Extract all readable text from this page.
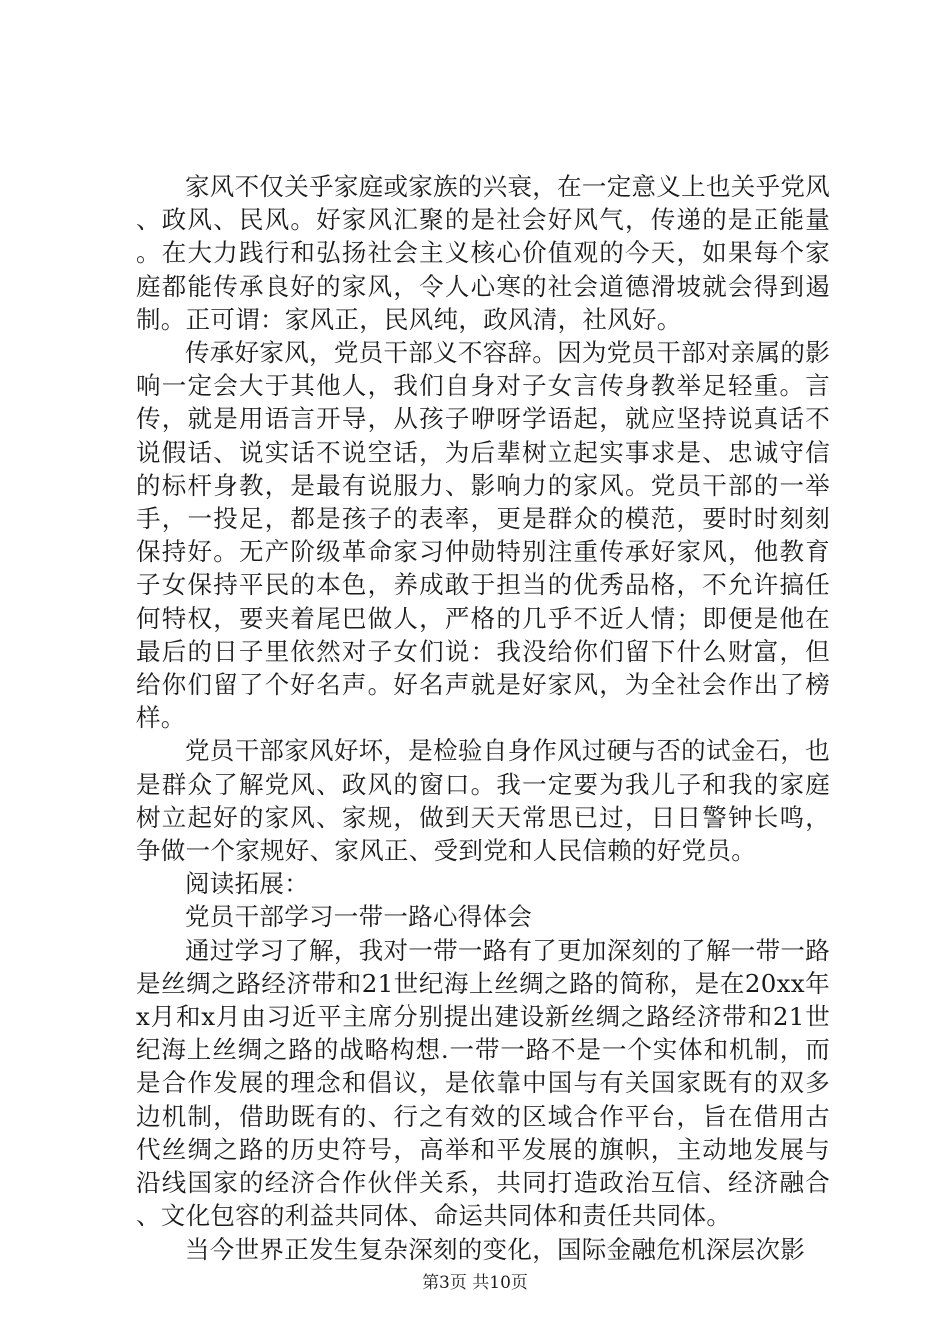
家风不仅关乎家庭或家族的兴衰，在一定意义上也关乎党风、政风、民风。好家风汇聚的是社会好风气，传递的是正能量。在大力践行和弘扬社会主义核心价值观的今天，如果每个家庭都能传承良好的家风，令人心寒的社会道德滑坡就会得到遏制。正可谓：家风正，民风纯，政风清，社风好。

传承好家风，党员干部义不容辞。因为党员干部对亲属的影响一定会大于其他人，我们自身对子女言传身教举足轻重。言传，就是用语言开导，从孩子咿呀学语起，就应坚持说真话不说假话、说实话不说空话，为后辈树立起实事求是、忠诚守信的标杆身教，是最有说服力、影响力的家风。党员干部的一举手，一投足，都是孩子的表率，更是群众的模范，要时时刻刻保持好。无产阶级革命家习仲勋特别注重传承好家风，他教育子女保持平民的本色，养成敢于担当的优秀品格，不允许搞任何特权，要夹着尾巴做人，严格的几乎不近人情；即便是他在最后的日子里依然对子女们说：我没给你们留下什么财富，但给你们留了个好名声。好名声就是好家风，为全社会作出了榜样。

党员干部家风好坏，是检验自身作风过硬与否的试金石，也是群众了解党风、政风的窗口。我一定要为我儿子和我的家庭树立起好的家风、家规，做到天天常思已过，日日警钟长鸣，争做一个家规好、家风正、受到党和人民信赖的好党员。

阅读拓展：

党员干部学习一带一路心得体会

通过学习了解，我对一带一路有了更加深刻的了解一带一路是丝绸之路经济带和21世纪海上丝绸之路的简称，是在20xx年x月和x月由习近平主席分别提出建设新丝绸之路经济带和21世纪海上丝绸之路的战略构想.一带一路不是一个实体和机制，而是合作发展的理念和倡议，是依靠中国与有关国家既有的双多边机制，借助既有的、行之有效的区域合作平台，旨在借用古代丝绸之路的历史符号，高举和平发展的旗帜，主动地发展与沿线国家的经济合作伙伴关系，共同打造政治互信、经济融合、文化包容的利益共同体、命运共同体和责任共同体。

当今世界正发生复杂深刻的变化，国际金融危机深层次影

第3页 共10页
